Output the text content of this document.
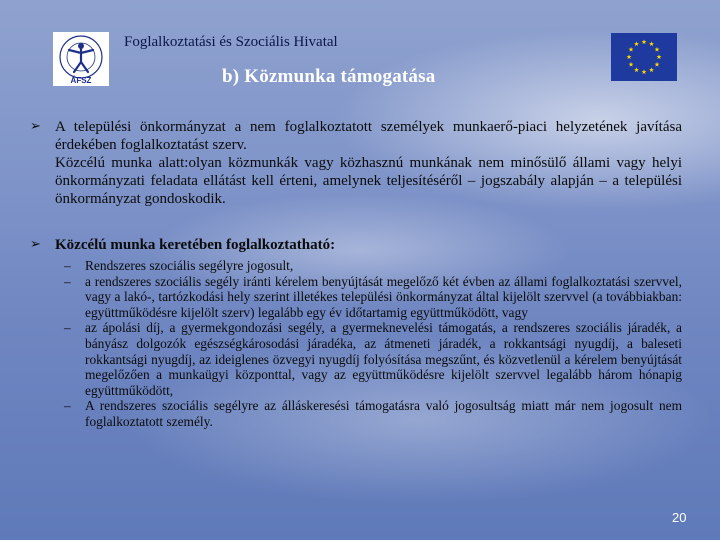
ÁFSZ
Foglalkoztatási és Szociális Hivatal
b) Közmunka támogatása
➢ A települési önkormányzat a nem foglalkoztatott személyek munkaerő-piaci helyzetének javítása érdekében foglalkoztatást szerv.
Közcélú munka alatt:olyan közmunkák vagy közhasznú munkának nem minősülő állami vagy helyi önkormányzati feladata ellátást kell érteni, amelynek teljesítéséről – jogszabály alapján – a települési önkormányzat gondoskodik.
➢ Közcélú munka keretében foglalkoztatható:
– Rendszeres szociális segélyre jogosult,
– a rendszeres szociális segély iránti kérelem benyújtását megelőző két évben az állami foglalkoztatási szervvel, vagy a lakó-, tartózkodási hely szerint illetékes települési önkormányzat által kijelölt szervvel (a továbbiakban: együttműködésre kijelölt szerv) legalább egy év időtartamig együttműködött, vagy
– az ápolási díj, a gyermekgondozási segély, a gyermeknevelési támogatás, a rendszeres szociális járadék, a bányász dolgozók egészségkárosodási járadéka, az átmeneti járadék, a rokkantsági nyugdíj, a baleseti rokkantsági nyugdíj, az ideiglenes özvegyi nyugdíj folyósítása megszűnt, és közvetlenül a kérelem benyújtását megelőzően a munkaügyi központtal, vagy az együttműködésre kijelölt szervvel legalább három hónapig együttműködött,
– A rendszeres szociális segélyre az álláskeresési támogatásra való jogosultság miatt már nem jogosult nem foglalkoztatott személy.
20
